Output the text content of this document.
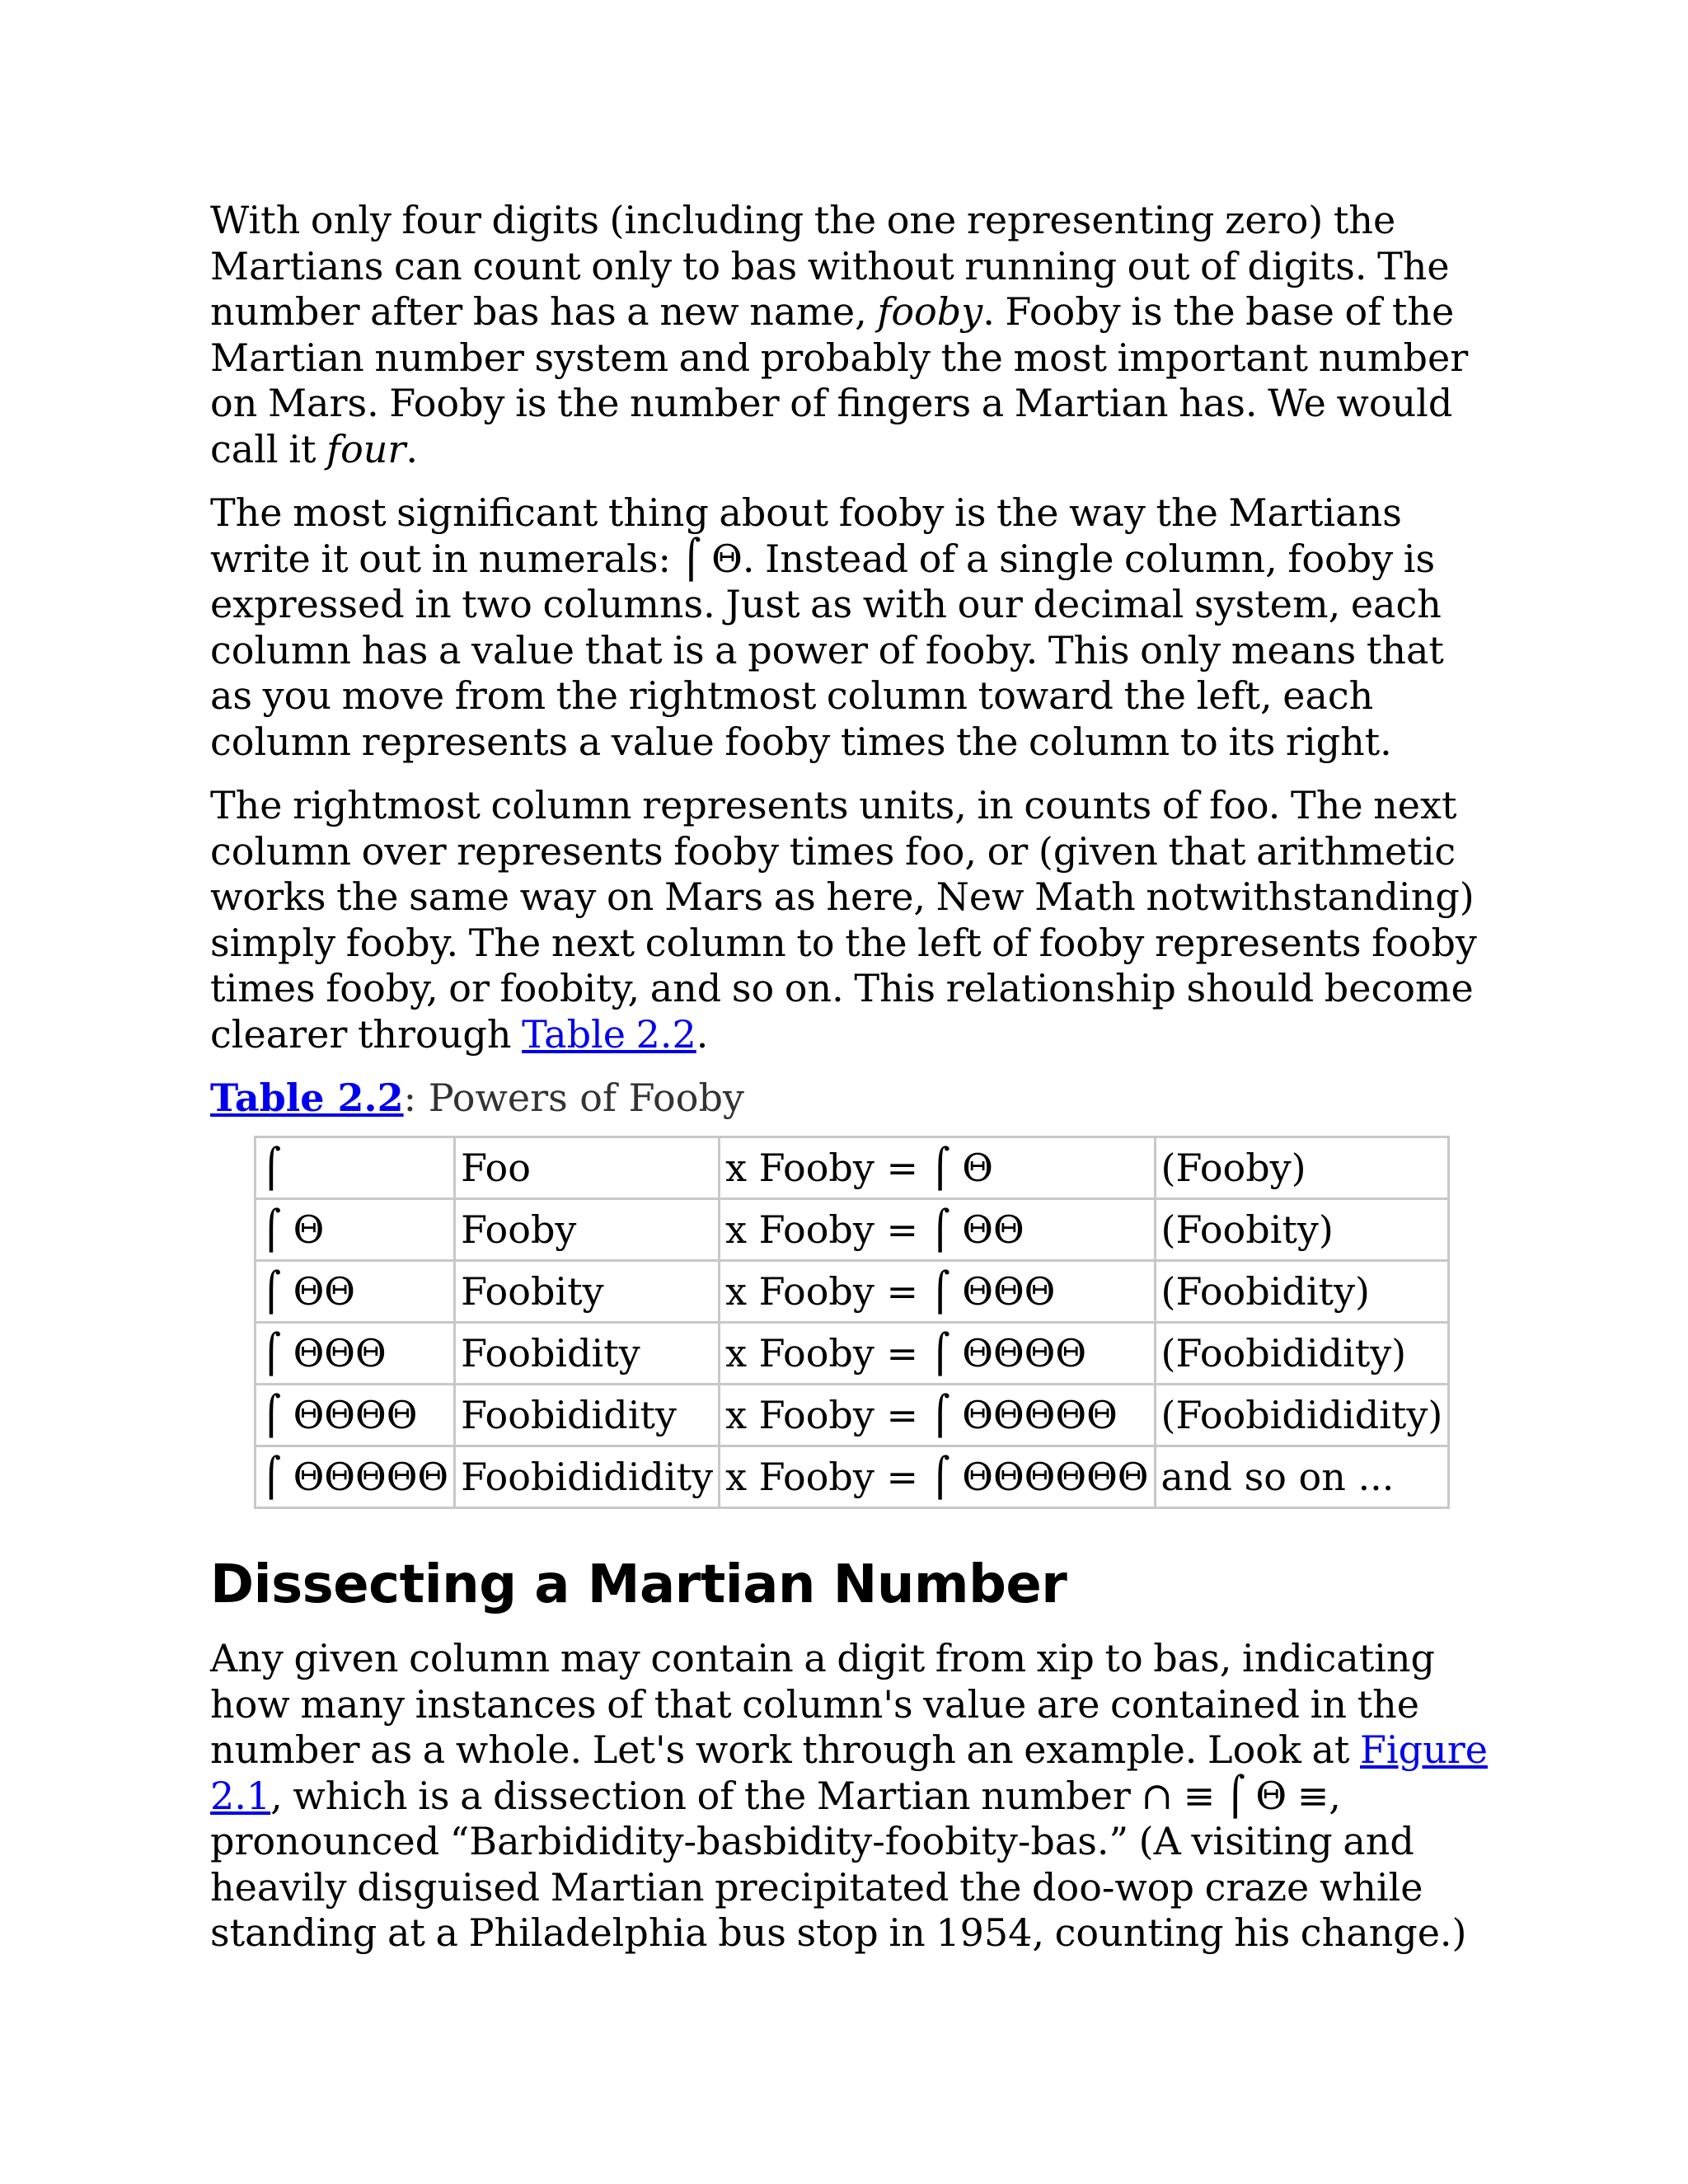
With only four digits (including the one representing zero) the Martians can count only to bas without running out of digits. The number after bas has a new name, fooby. Fooby is the base of the Martian number system and probably the most important number on Mars. Fooby is the number of fingers a Martian has. We would call it four.

The most significant thing about fooby is the way the Martians write it out in numerals: ⌠ Θ. Instead of a single column, fooby is expressed in two columns. Just as with our decimal system, each column has a value that is a power of fooby. This only means that as you move from the rightmost column toward the left, each column represents a value fooby times the column to its right.

The rightmost column represents units, in counts of foo. The next column over represents fooby times foo, or (given that arithmetic works the same way on Mars as here, New Math notwithstanding) simply fooby. The next column to the left of fooby represents fooby times fooby, or foobity, and so on. This relationship should become clearer through Table 2.2.

Table 2.2: Powers of Fooby
⌠	Foo	x Fooby = ⌠ Θ	(Fooby)
⌠ Θ	Fooby	x Fooby = ⌠ ΘΘ	(Foobity)
⌠ ΘΘ	Foobity	x Fooby = ⌠ ΘΘΘ	(Foobidity)
⌠ ΘΘΘ	Foobidity	x Fooby = ⌠ ΘΘΘΘ	(Foobididity)
⌠ ΘΘΘΘ	Foobididity	x Fooby = ⌠ ΘΘΘΘΘ	(Foobidididity)
⌠ ΘΘΘΘΘ	Foobidididity	x Fooby = ⌠ ΘΘΘΘΘΘ	and so on ...
Dissecting a Martian Number

Any given column may contain a digit from xip to bas, indicating how many instances of that column's value are contained in the number as a whole. Let's work through an example. Look at Figure 2.1, which is a dissection of the Martian number ∩ ≡ ⌠ Θ ≡, pronounced “Barbididity-basbidity-foobity-bas.” (A visiting and heavily disguised Martian precipitated the doo-wop craze while standing at a Philadelphia bus stop in 1954, counting his change.)
